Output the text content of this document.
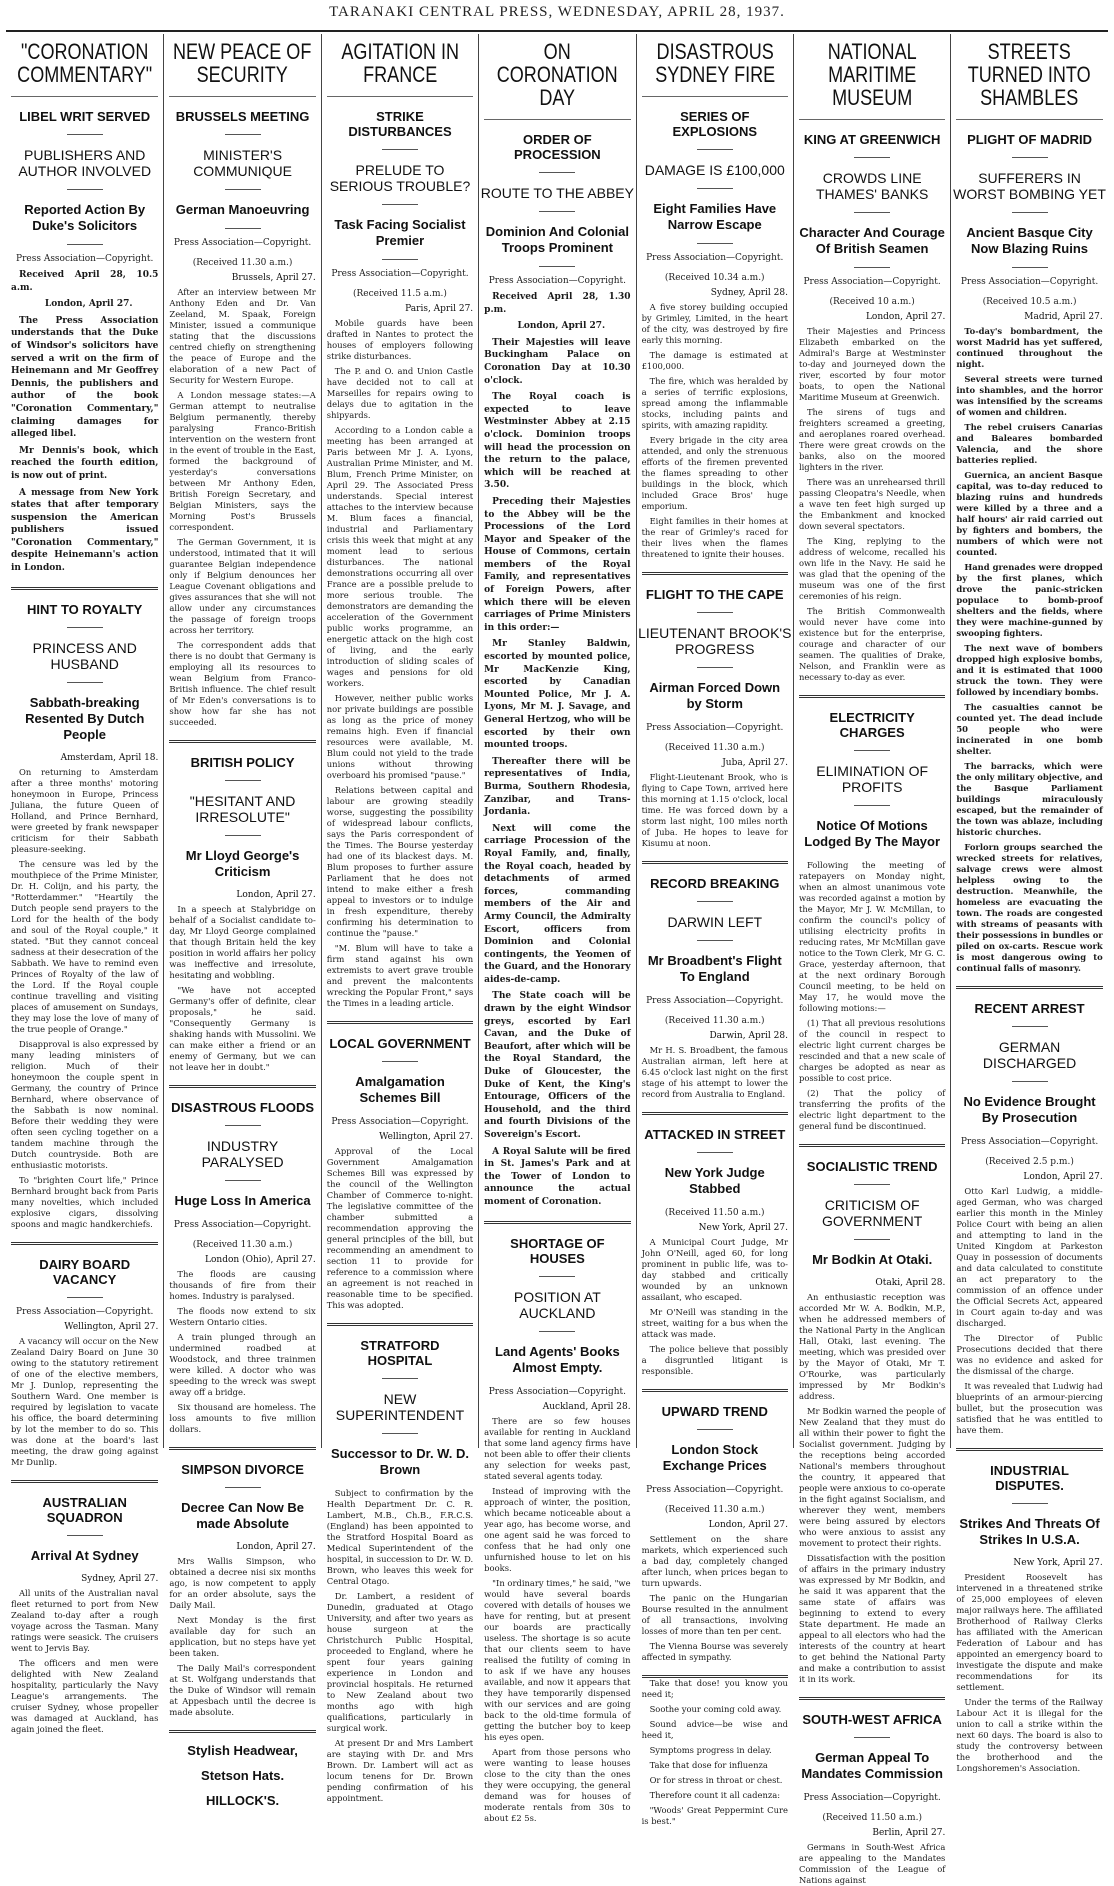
TARANAKI CENTRAL PRESS, WEDNESDAY, APRIL 28, 1937.
"CORONATION COMMENTARY"
LIBEL WRIT SERVED
PUBLISHERS AND AUTHOR INVOLVED
Reported Action By Duke's Solicitors
Press Association—Copyright.

Received April 28, 10.5 a.m.

London, April 27.

The Press Association understands that the Duke of Windsor's solicitors have served a writ on the firm of Heinemann and Mr Geoffrey Dennis, the publishers and author of the book "Coronation Commentary," claiming damages for alleged libel.

Mr Dennis's book, which reached the fourth edition, is now out of print.

A message from New York states that after temporary suspension the American publishers issued "Coronation Commentary," despite Heinemann's action in London.

HINT TO ROYALTY
PRINCESS AND HUSBAND
Sabbath-breaking Resented By Dutch People
Amsterdam, April 18.

On returning to Amsterdam after a three months' motoring honeymoon in Europe, Princess Juliana, the future Queen of Holland, and Prince Bernhard, were greeted by frank newspaper criticism for their Sabbath pleasure-seeking.

The censure was led by the mouthpiece of the Prime Minister, Dr. H. Colijn, and his party, the "Rotterdammer." "Heartily the Dutch people send prayers to the Lord for the health of the body and soul of the Royal couple," it stated. "But they cannot conceal sadness at their desecration of the Sabbath. We have to remind even Princes of Royalty of the law of the Lord. If the Royal couple continue travelling and visiting places of amusement on Sundays, they may lose the love of many of the true people of Orange."

Disapproval is also expressed by many leading ministers of religion. Much of their honeymoon the couple spent in Germany, the country of Prince Bernhard, where observance of the Sabbath is now nominal. Before their wedding they were often seen cycling together on a tandem machine through the Dutch countryside. Both are enthusiastic motorists.

To "brighten Court life," Prince Bernhard brought back from Paris many novelties, which included explosive cigars, dissolving spoons and magic handkerchiefs.

DAIRY BOARD VACANCY
Press Association—Copyright.
Wellington, April 27.

A vacancy will occur on the New Zealand Dairy Board on June 30 owing to the statutory retirement of one of the elective members, Mr J. Dunlop, representing the Southern Ward. One member is required by legislation to vacate his office, the board determining by lot the member to do so. This was done at the board's last meeting, the draw going against Mr Dunlip.

AUSTRALIAN SQUADRON
Arrival At Sydney
Sydney, April 27.

All units of the Australian naval fleet returned to port from New Zealand to-day after a rough voyage across the Tasman. Many ratings were seasick. The cruisers went to Jervis Bay.

The officers and men were delighted with New Zealand hospitality, particularly the Navy League's arrangements. The cruiser Sydney, whose propeller was damaged at Auckland, has again joined the fleet.

NEW PEACE OF SECURITY
BRUSSELS MEETING
MINISTER'S COMMUNIQUE
German Manoeuvring
Press Association—Copyright.
(Received 11.30 a.m.)
Brussels, April 27.

After an interview between Mr Anthony Eden and Dr. Van Zeeland, M. Spaak, Foreign Minister, issued a communique stating that the discussions centred chiefly on strengthening the peace of Europe and the elaboration of a new Pact of Security for Western Europe.

A London message states:—A German attempt to neutralise Belgium permanently, thereby paralysing Franco-British intervention on the western front in the event of trouble in the East, formed the background of yesterday's conversations between Mr Anthony Eden, British Foreign Secretary, and Belgian Ministers, says the Morning Post's Brussels correspondent.

The German Government, it is understood, intimated that it will guarantee Belgian independence only if Belgium denounces her League Covenant obligations and gives assurances that she will not allow under any circumstances the passage of foreign troops across her territory.

The correspondent adds that there is no doubt that Germany is employing all its resources to wean Belgium from Franco-British influence. The chief result of Mr Eden's conversations is to show how far she has not succeeded.

BRITISH POLICY
"HESITANT AND IRRESOLUTE"
Mr Lloyd George's Criticism
London, April 27.

In a speech at Stalybridge on behalf of a Socialist candidate to-day, Mr Lloyd George complained that though Britain held the key position in world affairs her policy was ineffective and irresolute, hesitating and wobbling.

"We have not accepted Germany's offer of definite, clear proposals," he said. "Consequently Germany is shaking hands with Mussolini. We can make either a friend or an enemy of Germany, but we can not leave her in doubt."

DISASTROUS FLOODS
INDUSTRY PARALYSED
Huge Loss In America
Press Association—Copyright.
(Received 11.30 a.m.)
London (Ohio), April 27.

The floods are causing thousands of fire from their homes. Industry is paralysed.

The floods now extend to six Western Ontario cities.

A train plunged through an undermined roadbed at Woodstock, and three trainmen were killed. A doctor who was speeding to the wreck was swept away off a bridge.

Six thousand are homeless. The loss amounts to five million dollars.

SIMPSON DIVORCE
Decree Can Now Be made Absolute
London, April 27.

Mrs Wallis Simpson, who obtained a decree nisi six months ago, is now competent to apply for an order absolute, says the Daily Mail.

Next Monday is the first available day for such an application, but no steps have yet been taken.

The Daily Mail's correspondent at St. Wolfgang understands that the Duke of Windsor will remain at Appesbach until the decree is made absolute.

Stylish Headwear,
Stetson Hats.
HILLOCK'S.
AGITATION IN FRANCE
STRIKE DISTURBANCES
PRELUDE TO SERIOUS TROUBLE?
Task Facing Socialist Premier
Press Association—Copyright.
(Received 11.5 a.m.)
Paris, April 27.

Mobile guards have been drafted in Nantes to protect the houses of employers following strike disturbances.

The P. and O. and Union Castle have decided not to call at Marseilles for repairs owing to delays due to agitation in the shipyards.

According to a London cable a meeting has been arranged at Paris between Mr J. A. Lyons, Australian Prime Minister, and M. Blum, French Prime Minister, on April 29. The Associated Press understands. Special interest attaches to the interview because M. Blum faces a financial, industrial and Parliamentary crisis this week that might at any moment lead to serious disturbances. The national demonstrations occurring all over France are a possible prelude to more serious trouble. The demonstrators are demanding the acceleration of the Government public works programme, an energetic attack on the high cost of living, and the early introduction of sliding scales of wages and pensions for old workers.

However, neither public works nor private buildings are possible as long as the price of money remains high. Even if financial resources were available, M. Blum could not yield to the trade unions without throwing overboard his promised "pause."

Relations between capital and labour are growing steadily worse, suggesting the possibility of widespread labour conflicts, says the Paris correspondent of the Times. The Bourse yesterday had one of its blackest days. M. Blum proposes to further assure Parliament that he does not intend to make either a fresh appeal to investors or to indulge in fresh expenditure, thereby confirming his determination to continue the "pause."

"M. Blum will have to take a firm stand against his own extremists to avert grave trouble and prevent the malcontents wrecking the Popular Front," says the Times in a leading article.

LOCAL GOVERNMENT
Amalgamation Schemes Bill
Press Association—Copyright.
Wellington, April 27.

Approval of the Local Government Amalgamation Schemes Bill was expressed by the council of the Wellington Chamber of Commerce to-night. The legislative committee of the chamber submitted a recommendation approving the general principles of the bill, but recommending an amendment to section 11 to provide for reference to a commission where an agreement is not reached in reasonable time to be specified. This was adopted.

STRATFORD HOSPITAL
NEW SUPERINTENDENT
Successor to Dr. W. D. Brown

Subject to confirmation by the Health Department Dr. C. R. Lambert, M.B., Ch.B., F.R.C.S. (England) has been appointed to the Stratford Hospital Board as Medical Superintendent of the hospital, in succession to Dr. W. D. Brown, who leaves this week for Central Otago.

Dr. Lambert, a resident of Dunedin, graduated at Otago University, and after two years as house surgeon at the Christchurch Public Hospital, proceeded to England, where he spent four years gaining experience in London and provincial hospitals. He returned to New Zealand about two months ago with high qualifications, particularly in surgical work.

At present Dr and Mrs Lambert are staying with Dr. and Mrs Brown. Dr. Lambert will act as locum tenens for Dr. Brown pending confirmation of his appointment.

ON CORONATION DAY
ORDER OF PROCESSION
ROUTE TO THE ABBEY
Dominion And Colonial Troops Prominent
Press Association—Copyright.

Received April 28, 1.30 p.m.

London, April 27.

Their Majesties will leave Buckingham Palace on Coronation Day at 10.30 o'clock.

The Royal coach is expected to leave Westminster Abbey at 2.15 o'clock. Dominion troops will head the procession on the return to the palace, which will be reached at 3.50.

Preceding their Majesties to the Abbey will be the Processions of the Lord Mayor and Speaker of the House of Commons, certain members of the Royal Family, and representatives of Foreign Powers, after which there will be eleven carriages of Prime Ministers in this order:—

Mr Stanley Baldwin, escorted by mounted police, Mr MacKenzie King, escorted by Canadian Mounted Police, Mr J. A. Lyons, Mr M. J. Savage, and General Hertzog, who will be escorted by their own mounted troops.

Thereafter there will be representatives of India, Burma, Southern Rhodesia, Zanzibar, and Trans-Jordania.

Next will come the carriage Procession of the Royal Family, and, finally, the Royal coach, headed by detachments of armed forces, commanding members of the Air and Army Council, the Admiralty Escort, officers from Dominion and Colonial contingents, the Yeomen of the Guard, and the Honorary aides-de-camp.

The State coach will be drawn by the eight Windsor greys, escorted by Earl Cavan, and the Duke of Beaufort, after which will be the Royal Standard, the Duke of Gloucester, the Duke of Kent, the King's Entourage, Officers of the Household, and the third and fourth Divisions of the Sovereign's Escort.

A Royal Salute will be fired in St. James's Park and at the Tower of London to announce the actual moment of Coronation.

SHORTAGE OF HOUSES
POSITION AT AUCKLAND
Land Agents' Books Almost Empty.
Press Association—Copyright.
Auckland, April 28.

There are so few houses available for renting in Auckland that some land agency firms have not been able to offer their clients any selection for weeks past, stated several agents today.

Instead of improving with the approach of winter, the position, which became noticeable about a year ago, has become worse, and one agent said he was forced to confess that he had only one unfurnished house to let on his books.

"In ordinary times," he said, "we would have several boards covered with details of houses we have for renting, but at present our boards are practically useless. The shortage is so acute that our clients seem to have realised the futility of coming in to ask if we have any houses available, and now it appears that they have temporarily dispensed with our services and are going back to the old-time formula of getting the butcher boy to keep his eyes open.

Apart from those persons who were wanting to lease houses close to the city than the ones they were occupying, the general demand was for houses of moderate rentals from 30s to about £2 5s.

DISASTROUS SYDNEY FIRE
SERIES OF EXPLOSIONS
DAMAGE IS £100,000
Eight Families Have Narrow Escape
Press Association—Copyright.
(Received 10.34 a.m.)
Sydney, April 28.

A five storey building occupied by Grimley, Limited, in the heart of the city, was destroyed by fire early this morning.

The damage is estimated at £100,000.

The fire, which was heralded by a series of terrific explosions, spread among the inflammable stocks, including paints and spirits, with amazing rapidity.

Every brigade in the city area attended, and only the strenuous efforts of the firemen prevented the flames spreading to other buildings in the block, which included Grace Bros' huge emporium.

Eight families in their homes at the rear of Grimley's raced for their lives when the flames threatened to ignite their houses.

FLIGHT TO THE CAPE
LIEUTENANT BROOK'S PROGRESS
Airman Forced Down by Storm
Press Association—Copyright.
(Received 11.30 a.m.)
Juba, April 27.

Flight-Lieutenant Brook, who is flying to Cape Town, arrived here this morning at 1.15 o'clock, local time. He was forced down by a storm last night, 100 miles north of Juba. He hopes to leave for Kisumu at noon.

RECORD BREAKING
DARWIN LEFT
Mr Broadbent's Flight To England
Press Association—Copyright.
(Received 11.30 a.m.)
Darwin, April 28.

Mr H. S. Broadbent, the famous Australian airman, left here at 6.45 o'clock last night on the first stage of his attempt to lower the record from Australia to England.

ATTACKED IN STREET
New York Judge Stabbed
(Received 11.50 a.m.)
New York, April 27.

A Municipal Court Judge, Mr John O'Neill, aged 60, for long prominent in public life, was to-day stabbed and critically wounded by an unknown assailant, who escaped.

Mr O'Neill was standing in the street, waiting for a bus when the attack was made.

The police believe that possibly a disgruntled litigant is responsible.

UPWARD TREND
London Stock Exchange Prices
Press Association—Copyright.
(Received 11.30 a.m.)
London, April 27.

Settlement on the share markets, which experienced such a bad day, completely changed after lunch, when prices began to turn upwards.

The panic on the Hungarian Bourse resulted in the annulment of all transactions, involving losses of more than ten per cent.

The Vienna Bourse was severely affected in sympathy.

Take that dose! you know you need it;

Soothe your coming cold away.

Sound advice—be wise and heed it,

Symptoms progress in delay.

Take that dose for influenza

Or for stress in throat or chest.

Therefore count it all cadenza:

"Woods' Great Peppermint Cure is best."

NATIONAL MARITIME MUSEUM
KING AT GREENWICH
CROWDS LINE THAMES' BANKS
Character And Courage Of British Seamen
Press Association—Copyright.
(Received 10 a.m.)
London, April 27.

Their Majesties and Princess Elizabeth embarked on the Admiral's Barge at Westminster to-day and journeyed down the river, escorted by four motor boats, to open the National Maritime Museum at Greenwich.

The sirens of tugs and freighters screamed a greeting, and aeroplanes roared overhead. There were great crowds on the banks, also on the moored lighters in the river.

There was an unrehearsed thrill passing Cleopatra's Needle, when a wave ten feet high surged up the Embankment and knocked down several spectators.

The King, replying to the address of welcome, recalled his own life in the Navy. He said he was glad that the opening of the museum was one of the first ceremonies of his reign.

The British Commonwealth would never have come into existence but for the enterprise, courage and character of our seamen. The qualities of Drake, Nelson, and Franklin were as necessary to-day as ever.

ELECTRICITY CHARGES
ELIMINATION OF PROFITS
Notice Of Motions Lodged By The Mayor

Following the meeting of ratepayers on Monday night, when an almost unanimous vote was recorded against a motion by the Mayor, Mr J. W. McMillan, to confirm the council's policy of utilising electricity profits in reducing rates, Mr McMillan gave notice to the Town Clerk, Mr G. C. Grace, yesterday afternoon, that at the next ordinary Borough Council meeting, to be held on May 17, he would move the following motions:—

(1) That all previous resolutions of the council in respect to electric light current charges be rescinded and that a new scale of charges be adopted as near as possible to cost price.

(2) That the policy of transferring the profits of the electric light department to the general fund be discontinued.

SOCIALISTIC TREND
CRITICISM OF GOVERNMENT
Mr Bodkin At Otaki.
Otaki, April 28.

An enthusiastic reception was accorded Mr W. A. Bodkin, M.P., when he addressed members of the National Party in the Anglican Hall, Otaki, last evening. The meeting, which was presided over by the Mayor of Otaki, Mr T. O'Rourke, was particularly impressed by Mr Bodkin's address.

Mr Bodkin warned the people of New Zealand that they must do all within their power to fight the Socialist government. Judging by the receptions being accorded National's members throughout the country, it appeared that people were anxious to co-operate in the fight against Socialism, and wherever they went, members were being assured by electors who were anxious to assist any movement to protect their rights.

Dissatisfaction with the position of affairs in the primary industry was expressed by Mr Bodkin, and he said it was apparent that the same state of affairs was beginning to extend to every State department. He made an appeal to all electors who had the interests of the country at heart to get behind the National Party and make a contribution to assist it in its work.

SOUTH-WEST AFRICA
German Appeal To Mandates Commission
Press Association—Copyright.
(Received 11.50 a.m.)
Berlin, April 27.

Germans in South-West Africa are appealing to the Mandates Commission of the League of Nations against

STREETS TURNED INTO SHAMBLES
PLIGHT OF MADRID
SUFFERERS IN WORST BOMBING YET
Ancient Basque City Now Blazing Ruins
Press Association—Copyright.
(Received 10.5 a.m.)
Madrid, April 27.

To-day's bombardment, the worst Madrid has yet suffered, continued throughout the night.

Several streets were turned into shambles, and the horror was intensified by the screams of women and children.

The rebel cruisers Canarias and Baleares bombarded Valencia, and the shore batteries replied.

Guernica, an ancient Basque capital, was to-day reduced to blazing ruins and hundreds were killed by a three and a half hours' air raid carried out by fighters and bombers, the numbers of which were not counted.

Hand grenades were dropped by the first planes, which drove the panic-stricken populace to bomb-proof shelters and the fields, where they were machine-gunned by swooping fighters.

The next wave of bombers dropped high explosive bombs, and it is estimated that 1000 struck the town. They were followed by incendiary bombs.

The casualties cannot be counted yet. The dead include 50 people who were incinerated in one bomb shelter.

The barracks, which were the only military objective, and the Basque Parliament buildings miraculously escaped, but the remainder of the town was ablaze, including historic churches.

Forlorn groups searched the wrecked streets for relatives, salvage crews were almost helpless owing to the destruction. Meanwhile, the homeless are evacuating the town. The roads are congested with streams of peasants with their possessions in bundles or piled on ox-carts. Rescue work is most dangerous owing to continual falls of masonry.

RECENT ARREST
GERMAN DISCHARGED
No Evidence Brought By Prosecution
Press Association—Copyright.
(Received 2.5 p.m.)
London, April 27.

Otto Karl Ludwig, a middle-aged German, who was charged earlier this month in the Minley Police Court with being an alien and attempting to land in the United Kingdom at Parkeston Quay in possession of documents and data calculated to constitute an act preparatory to the commission of an offence under the Official Secrets Act, appeared in Court again to-day and was discharged.

The Director of Public Prosecutions decided that there was no evidence and asked for the dismissal of the charge.

It was revealed that Ludwig had blueprints of an armour-piercing bullet, but the prosecution was satisfied that he was entitled to have them.

INDUSTRIAL DISPUTES.
Strikes And Threats Of Strikes In U.S.A.
New York, April 27.

President Roosevelt has intervened in a threatened strike of 25,000 employees of eleven major railways here. The affiliated Brotherhood of Railway Clerks has affiliated with the American Federation of Labour and has appointed an emergency board to investigate the dispute and make recommendations for its settlement.

Under the terms of the Railway Labour Act it is illegal for the union to call a strike within the next 60 days. The board is also to study the controversy between the brotherhood and the Longshoremen's Association.
